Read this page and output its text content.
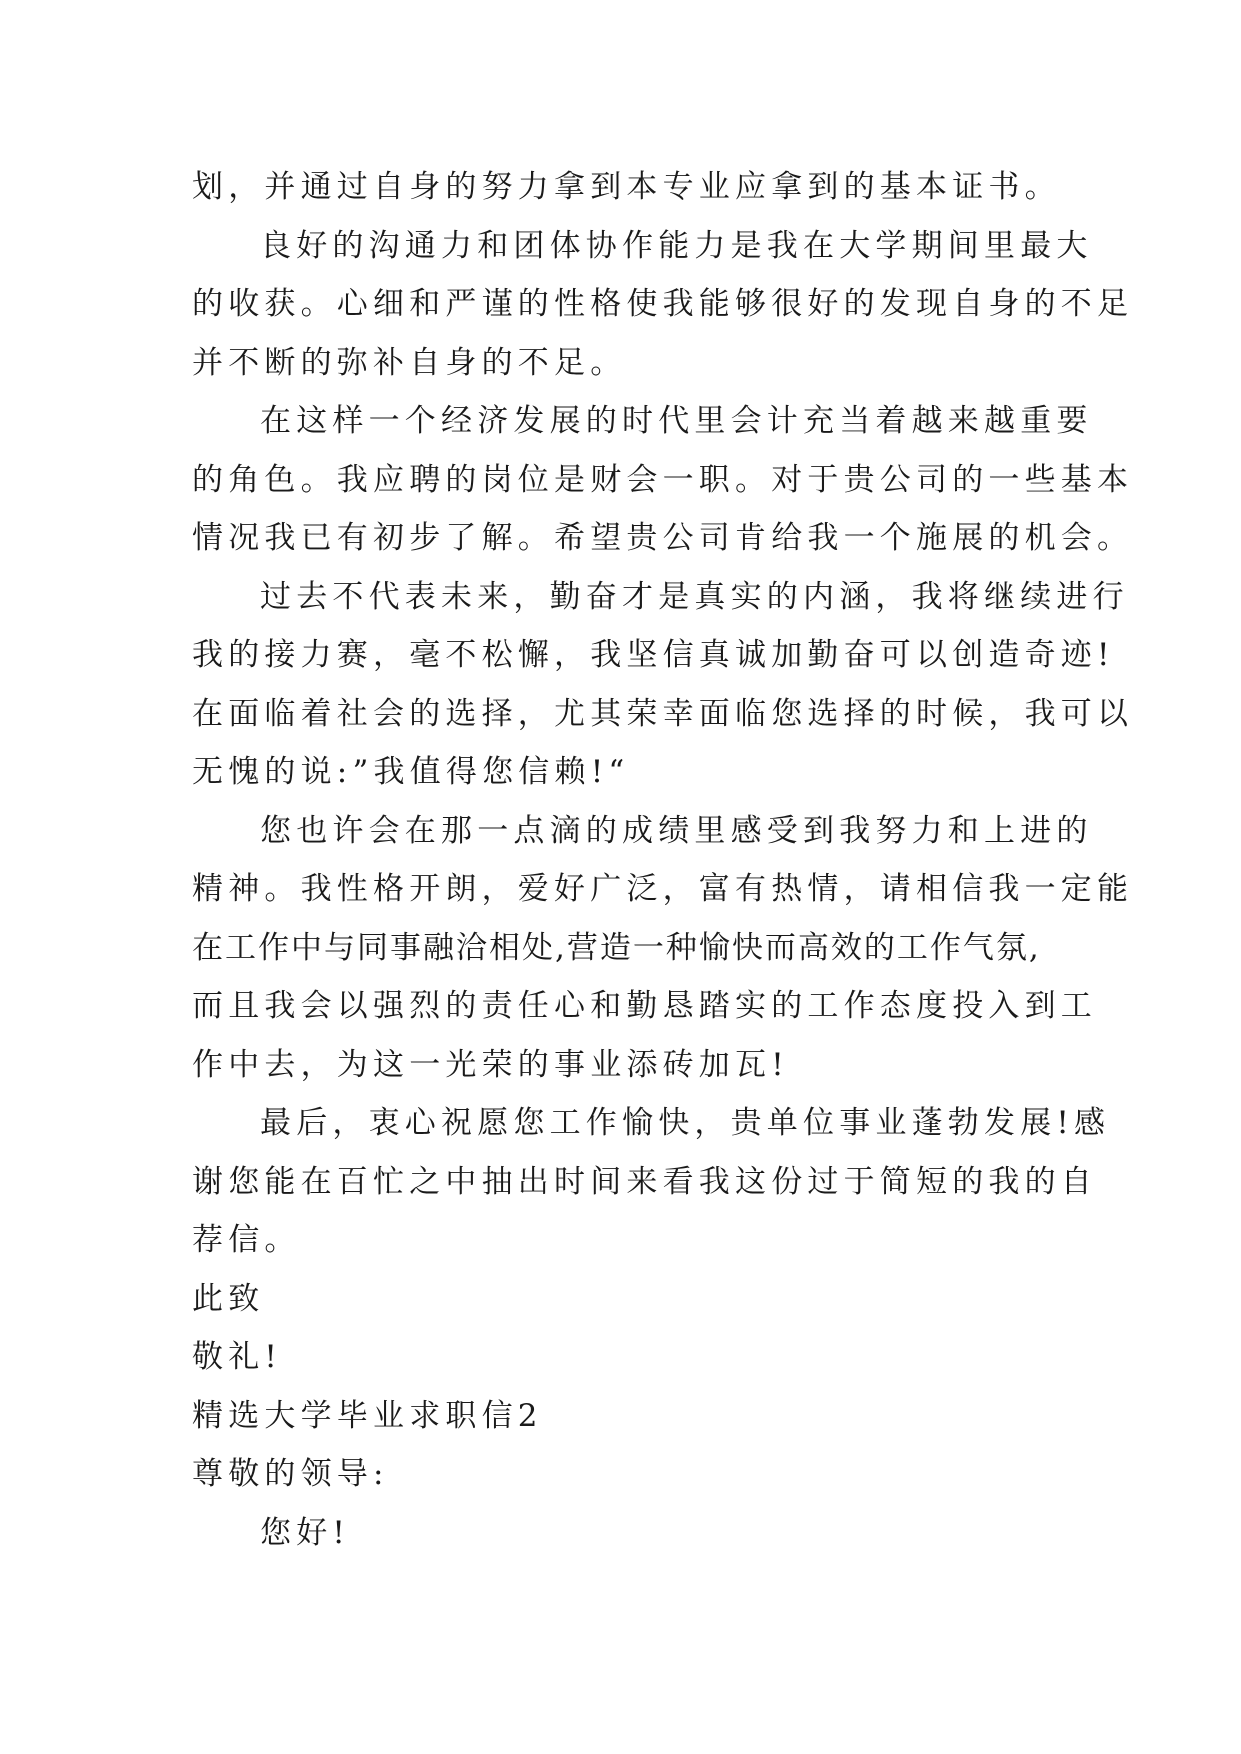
划，并通过自身的努力拿到本专业应拿到的基本证书。
良好的沟通力和团体协作能力是我在大学期间里最大
的收获。心细和严谨的性格使我能够很好的发现自身的不足
并不断的弥补自身的不足。
在这样一个经济发展的时代里会计充当着越来越重要
的角色。我应聘的岗位是财会一职。对于贵公司的一些基本
情况我已有初步了解。希望贵公司肯给我一个施展的机会。
过去不代表未来，勤奋才是真实的内涵，我将继续进行
我的接力赛，毫不松懈，我坚信真诚加勤奋可以创造奇迹!
在面临着社会的选择，尤其荣幸面临您选择的时候，我可以
无愧的说:”我值得您信赖!“
您也许会在那一点滴的成绩里感受到我努力和上进的
精神。我性格开朗，爱好广泛，富有热情，请相信我一定能
在工作中与同事融洽相处,营造一种愉快而高效的工作气氛,
而且我会以强烈的责任心和勤恳踏实的工作态度投入到工
作中去，为这一光荣的事业添砖加瓦!
最后，衷心祝愿您工作愉快，贵单位事业蓬勃发展!感
谢您能在百忙之中抽出时间来看我这份过于简短的我的自
荐信。
此致
敬礼!
精选大学毕业求职信2
尊敬的领导:
您好!
